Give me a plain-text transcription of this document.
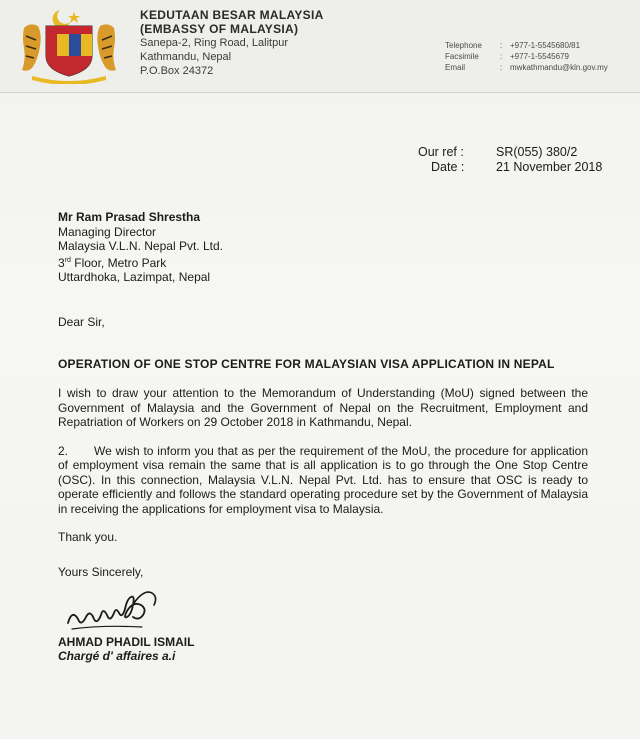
KEDUTAAN BESAR MALAYSIA
(EMBASSY OF MALAYSIA)
Sanepa-2, Ring Road, Lalitpur
Kathmandu, Nepal
P.O.Box 24372
Telephone	: +977-1-5545680/81
Facsimile	: +977-1-5545679
Email	: mwkathmandu@kln.gov.my
Our ref :	SR(055) 380/2
Date :	21 November 2018
Mr Ram Prasad Shrestha
Managing Director
Malaysia V.L.N. Nepal Pvt. Ltd.
3rd Floor, Metro Park
Uttardhoka, Lazimpat, Nepal
Dear Sir,
OPERATION OF ONE STOP CENTRE FOR MALAYSIAN VISA APPLICATION IN NEPAL
I wish to draw your attention to the Memorandum of Understanding (MoU) signed between the Government of Malaysia and the Government of Nepal on the Recruitment, Employment and Repatriation of Workers on 29 October 2018 in Kathmandu, Nepal.
2. We wish to inform you that as per the requirement of the MoU, the procedure for application of employment visa remain the same that is all application is to go through the One Stop Centre (OSC). In this connection, Malaysia V.L.N. Nepal Pvt. Ltd. has to ensure that OSC is ready to operate efficiently and follows the standard operating procedure set by the Government of Malaysia in receiving the applications for employment visa to Malaysia.
Thank you.
Yours Sincerely,
AHMAD PHADIL ISMAIL
Chargé d' affaires a.i
